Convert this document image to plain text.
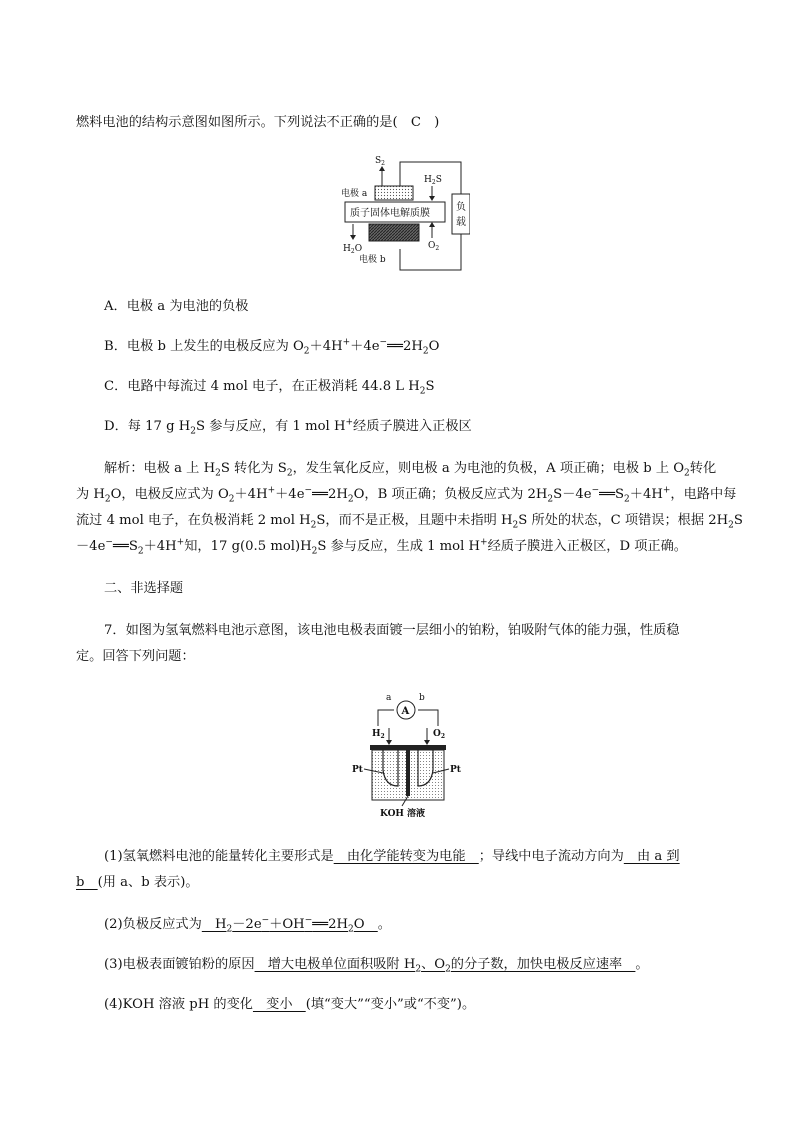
燃料电池的结构示意图如图所示。下列说法不正确的是(　 C　 )
负
载
质子固体电解质膜
$S_2$
$H_2S$
电极 a
$H_2O$	$O_2$
电极 b
A．电极 a 为电池的负极
B．电极 b 上发生的电极反应为 $O_2+4H^++4e^-══2H_2O$
C．电路中每流过 4 mol 电子，在正极消耗 44.8 L $H_2S$
D．每 17 g $H_2S$ 参与反应，有 1 mol H+经质子膜进入正极区
解析：电极 a 上 $H_2S$ 转化为 $S_2$，发生氧化反应，则电极 a 为电池的负极，A 项正确；电极 b 上 $O_2$转化
为 $H_2O$，电极反应式为 $O_2+4H^++4e^-══2H_2O$，B 项正确；负极反应式为 $2H_2S-4e^-══S_2+4H^+$，电路中每
流过 4 mol 电子，在负极消耗 2 mol $H_2S$，而不是正极，且题中未指明 $H_2S$ 所处的状态，C 项错误；根据 $2H_2S$
$-4e^-══S_2+4H^+$知，17 g(0.5 $mol)H_2S$ 参与反应，生成 1 mol H+经质子膜进入正极区，D 项正确。
二、非选择题
7．如图为氢氧燃料电池示意图，该电池电极表面镀一层细小的铂粉，铂吸附气体的能力强，性质稳
定。回答下列问题：
A
a	b
$H_2$	$O_2$
Pt	Pt
KOH 溶液
(1)氢氧燃料电池的能量转化主要形式是　由化学能转变为电能　；导线中电子流动方向为　由 a 到
b　(用 a、b 表示)。
(2)负极反应式为　$H_2-2e^-+OH^-══2H_2O$　。
(3)电极表面镀铂粉的原因　增大电极单位面积吸附 $H_2$、$O_2$的分子数，加快电极反应速率　。
(4)KOH 溶液 pH 的变化　变小　(填“变大”“变小”或“不变”)。
